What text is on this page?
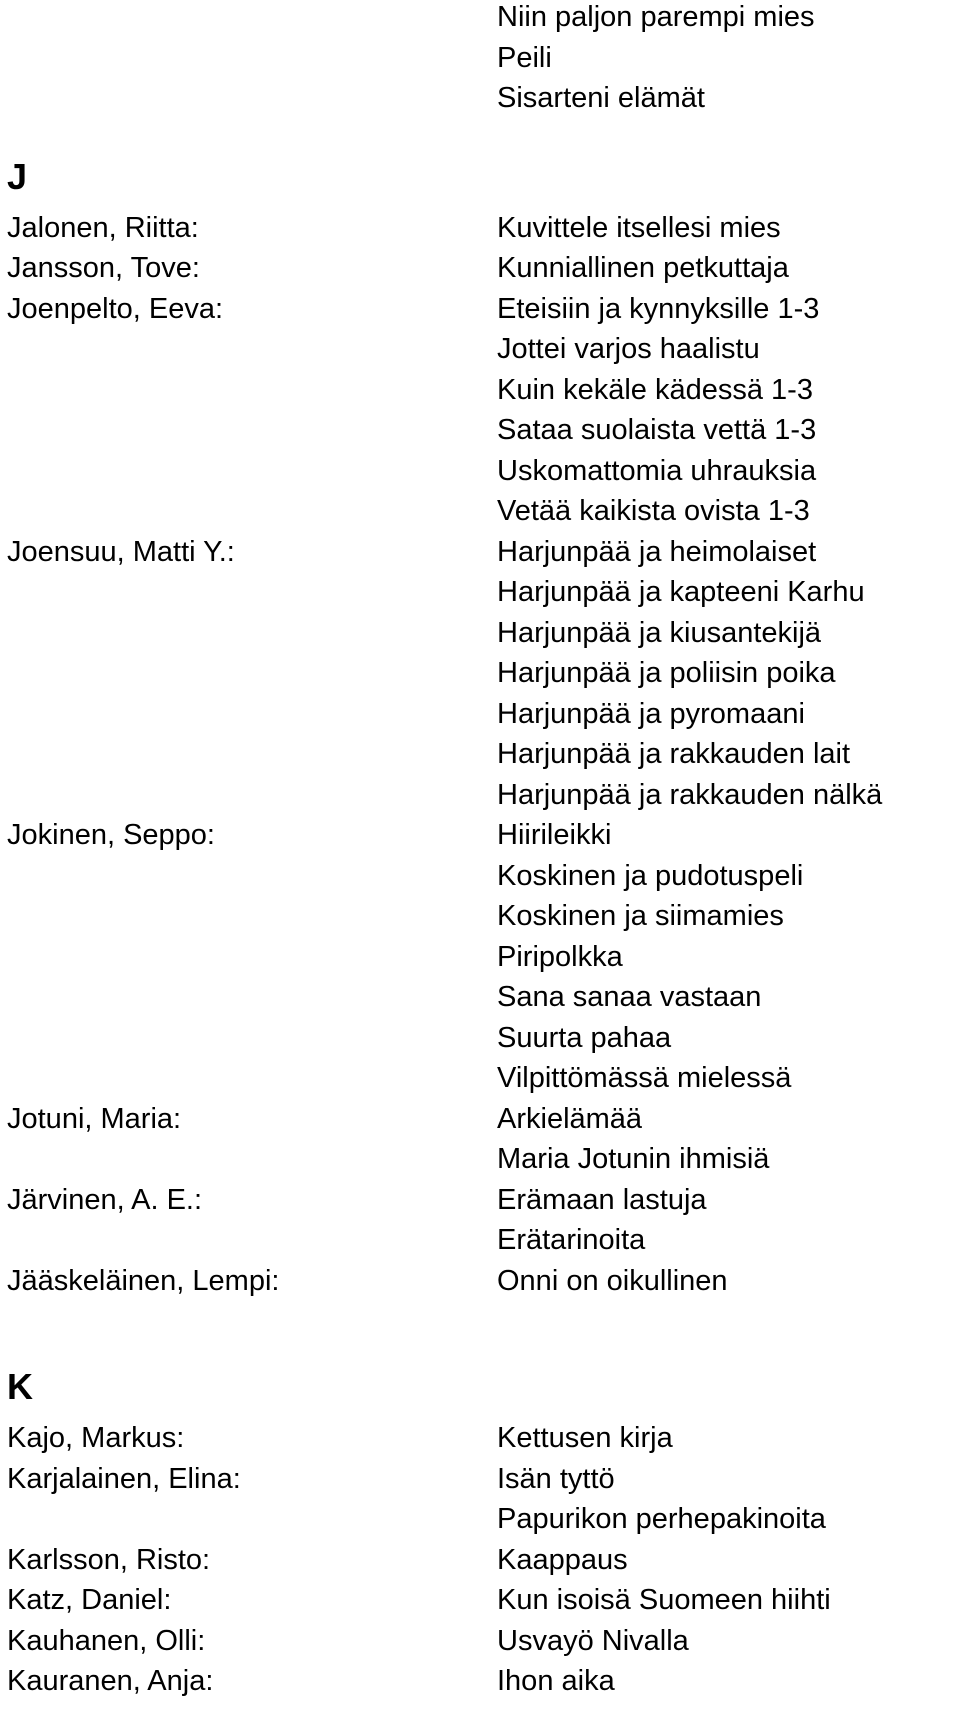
Niin paljon parempi mies
Peili
Sisarteni elämät
J
Jalonen, Riitta:	Kuvittele itsellesi mies
Jansson, Tove:	Kunniallinen petkuttaja
Joenpelto, Eeva:	Eteisiin ja kynnyksille 1-3
Jottei varjos haalistu
Kuin kekäle kädessä 1-3
Sataa suolaista vettä 1-3
Uskomattomia uhrauksia
Vetää kaikista ovista 1-3
Joensuu, Matti Y.:	Harjunpää ja heimolaiset
Harjunpää ja kapteeni Karhu
Harjunpää ja kiusantekijä
Harjunpää ja poliisin poika
Harjunpää ja pyromaani
Harjunpää ja rakkauden lait
Harjunpää ja rakkauden nälkä
Jokinen, Seppo:	Hiirileikki
Koskinen ja pudotuspeli
Koskinen ja siimamies
Piripolkka
Sana sanaa vastaan
Suurta pahaa
Vilpittömässä mielessä
Jotuni, Maria:	Arkielämää
Maria Jotunin ihmisiä
Järvinen, A. E.:	Erämaan lastuja
Erätarinoita
Jääskeläinen, Lempi:	Onni on oikullinen
K
Kajo, Markus:	Kettusen kirja
Karjalainen, Elina:	Isän tyttö
Papurikon perhepakinoita
Karlsson, Risto:	Kaappaus
Katz, Daniel:	Kun isoisä Suomeen hiihti
Kauhanen, Olli:	Usvayö Nivalla
Kauranen, Anja:	Ihon aika
